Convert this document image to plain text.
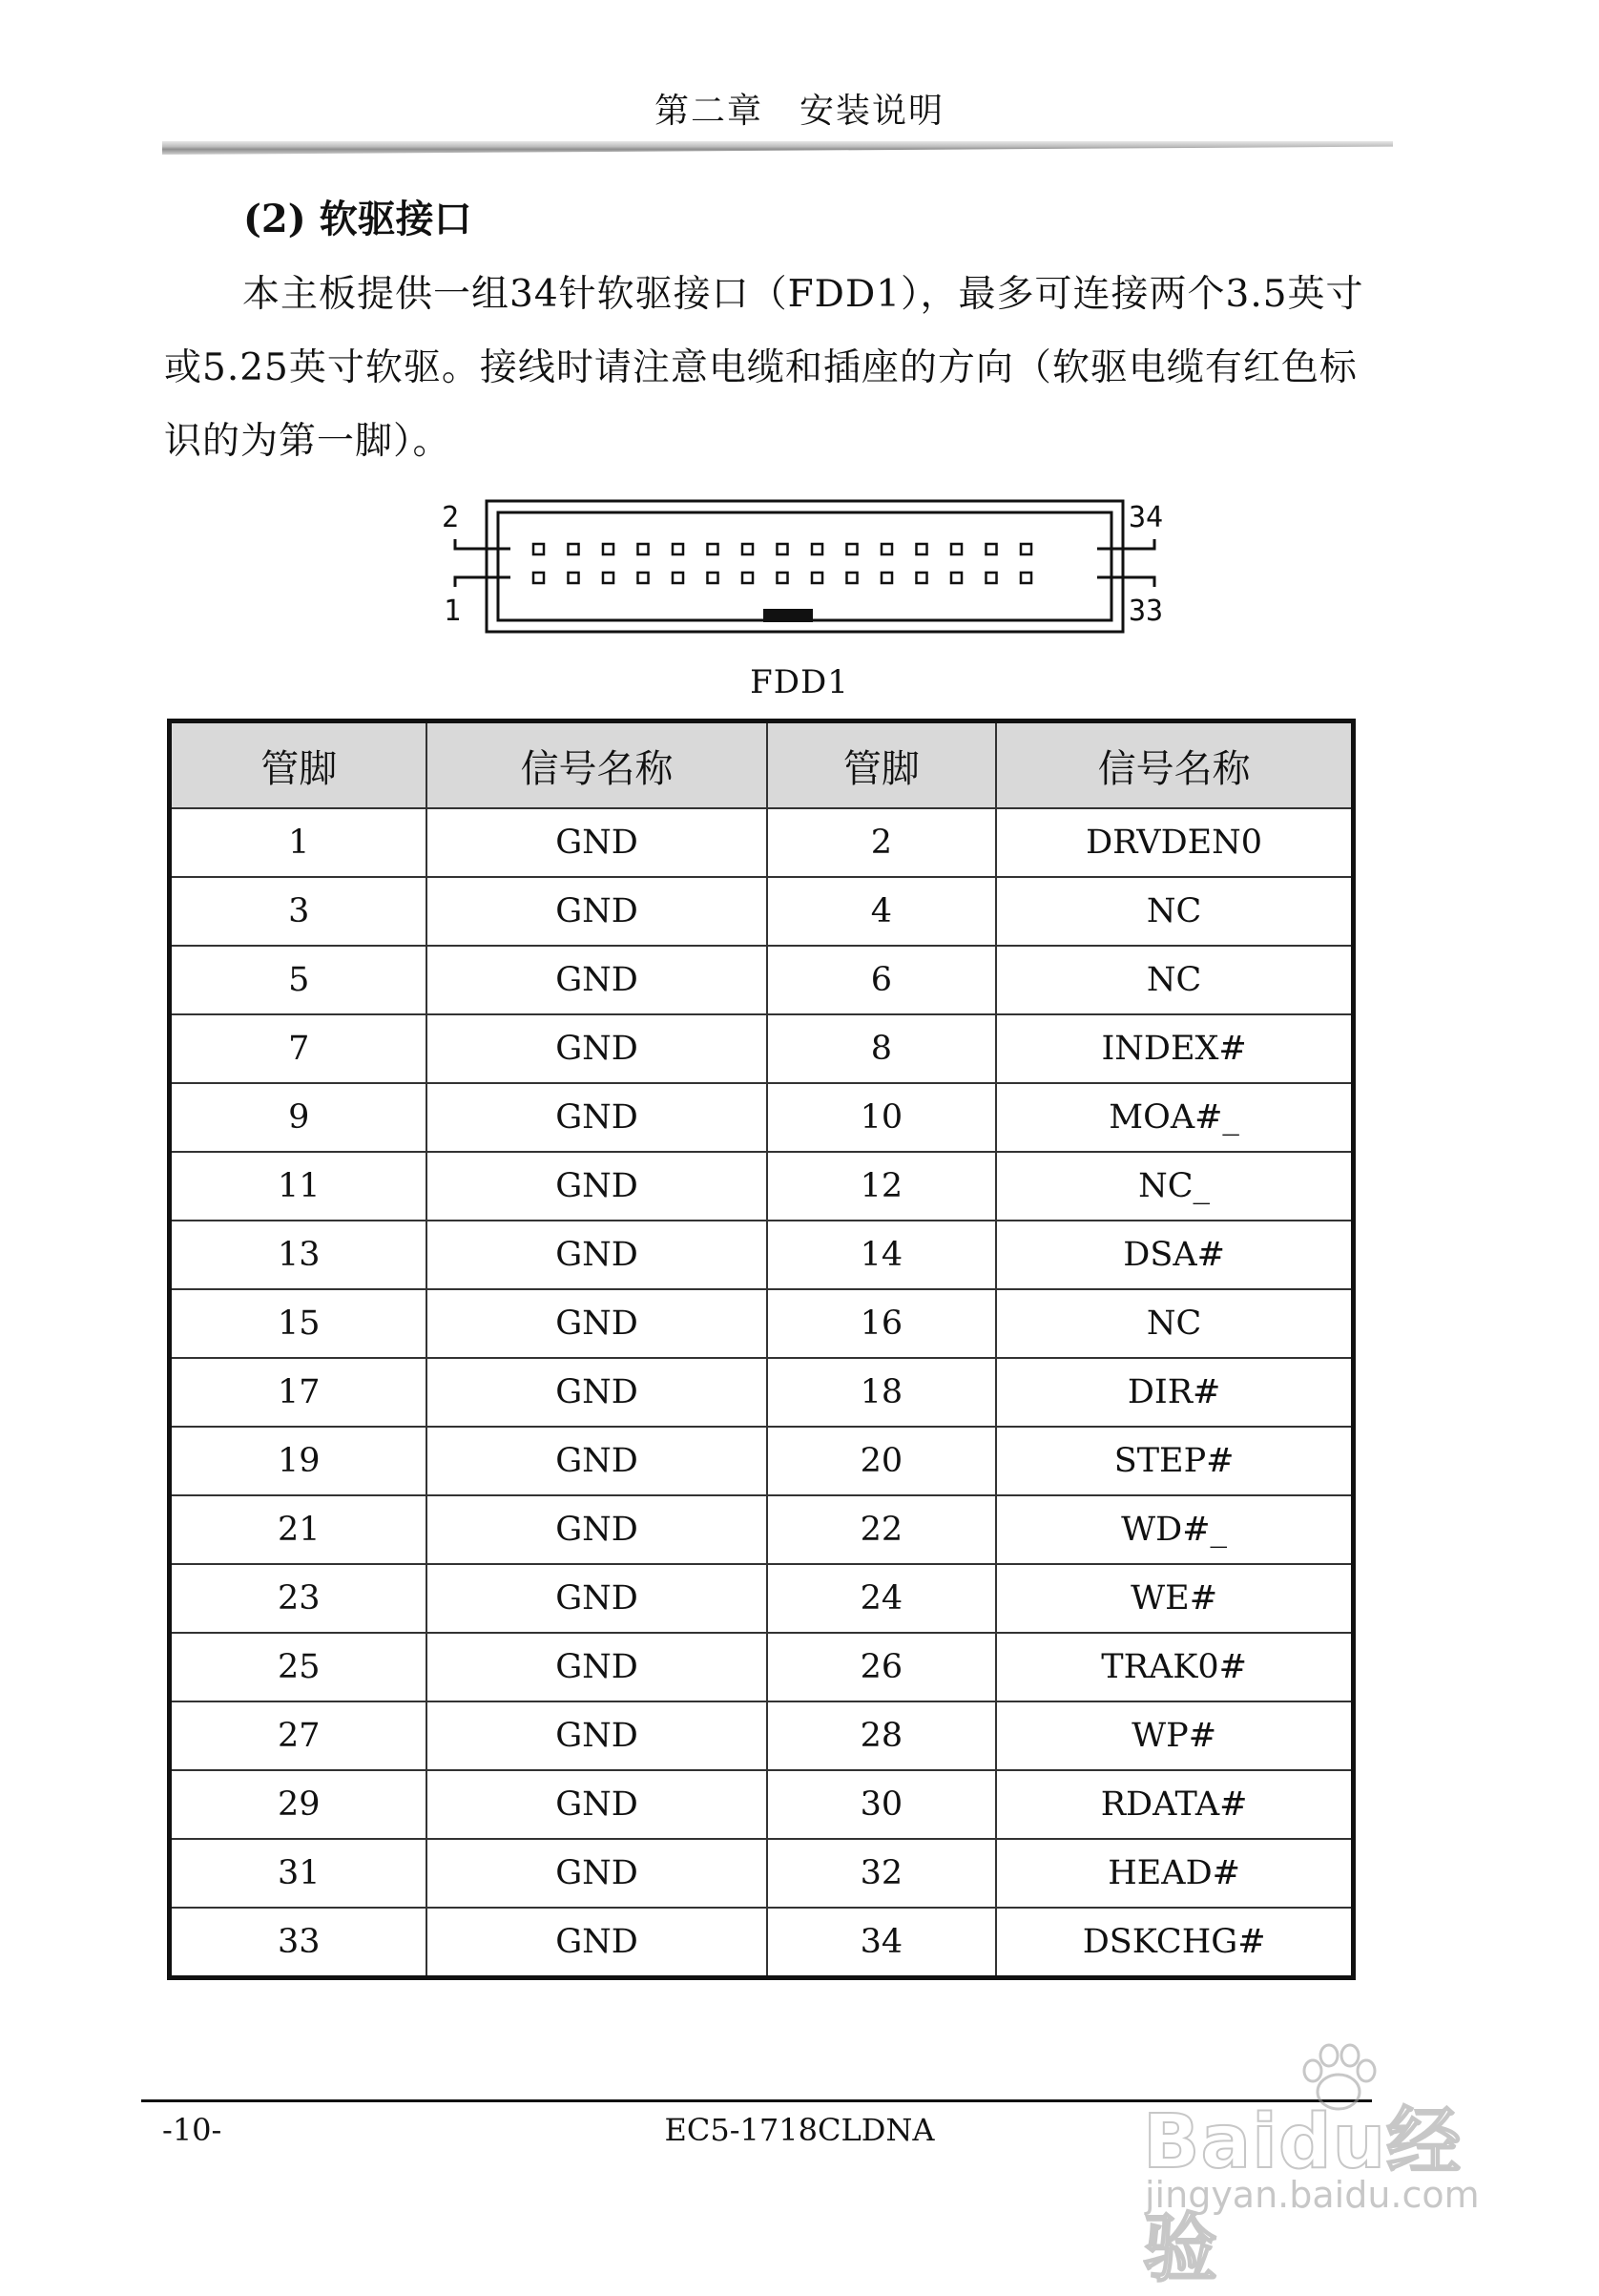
第二章　安装说明
(2) 软驱接口
本主板提供一组34针软驱接口（FDD1），最多可连接两个3.5英寸或5.25英寸软驱。接线时请注意电缆和插座的方向（软驱电缆有红色标识的为第一脚）。
2
1
34
33
FDD1
管脚	信号名称	管脚	信号名称
1	GND	2	DRVDEN0
3	GND	4	NC
5	GND	6	NC
7	GND	8	INDEX#
9	GND	10	MOA#_
11	GND	12	NC_
13	GND	14	DSA#
15	GND	16	NC
17	GND	18	DIR#
19	GND	20	STEP#
21	GND	22	WD#_
23	GND	24	WE#
25	GND	26	TRAK0#
27	GND	28	WP#
29	GND	30	RDATA#
31	GND	32	HEAD#
33	GND	34	DSKCHG#
-10-	EC5-1718CLDNA	Baidu经验
jingyan.baidu.com
